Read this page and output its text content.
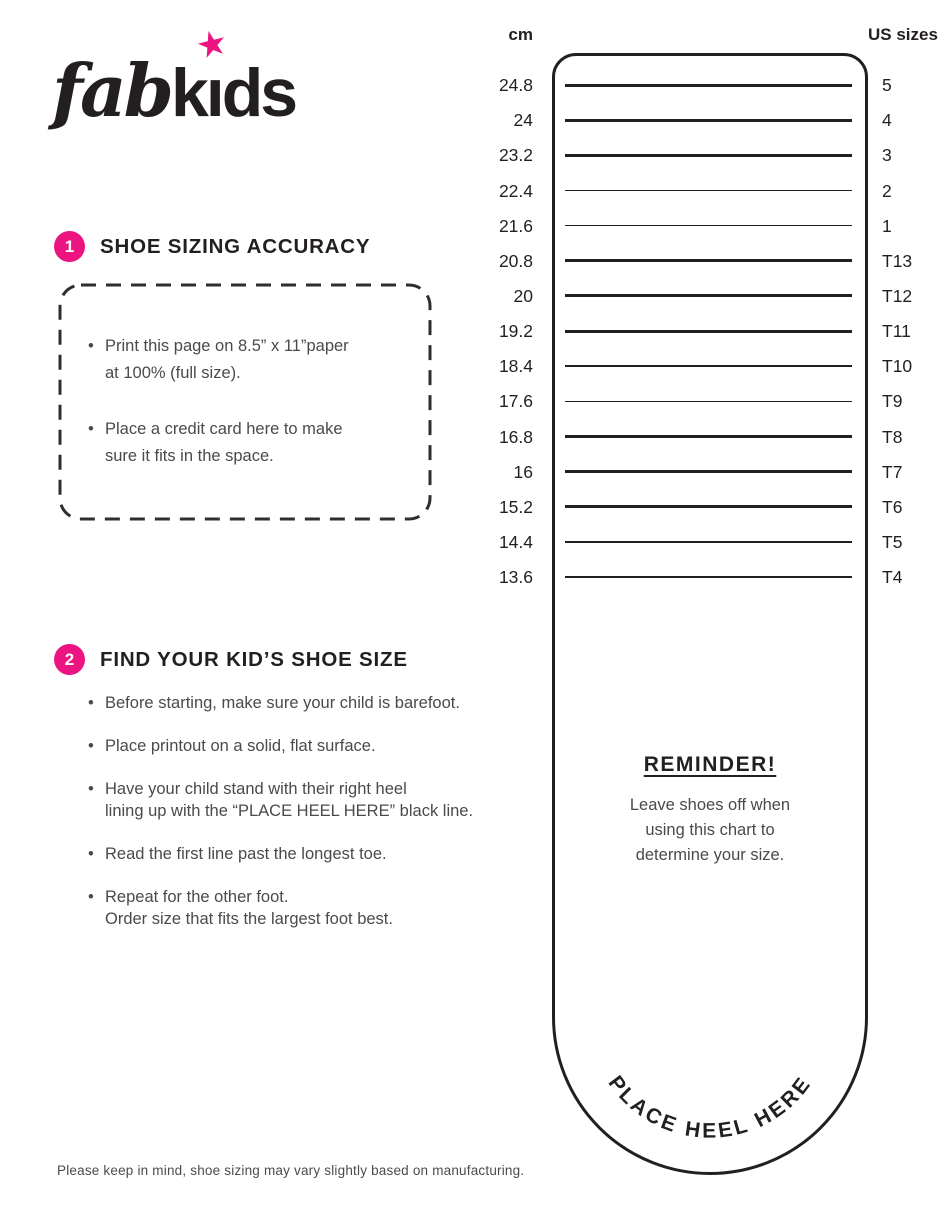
fabkı
★
ds
1	SHOE SIZING ACCURACY
• Print this page on 8.5” x 11”paper
at 100% (full size).
• Place a credit card here to make
sure it fits in the space.
2	FIND YOUR KID’S SHOE SIZE
• Before starting, make sure your child is barefoot.
• Place printout on a solid, flat surface.
• Have your child stand with their right heel
lining up with the “PLACE HEEL HERE” black line.
• Read the first line past the longest toe.
• Repeat for the other foot.
Order size that fits the largest foot best.
cm	US sizes
24.8	5
24	4
23.2	3
22.4	2
21.6	1
20.8	T13
20	T12
19.2	T11
18.4	T10
17.6	T9
16.8	T8
16	T7
15.2	T6
14.4	T5
13.6	T4
REMINDER!
Leave shoes off when
using this chart to
determine your size.
PLACE HEEL HERE
Please keep in mind, shoe sizing may vary slightly based on manufacturing.
